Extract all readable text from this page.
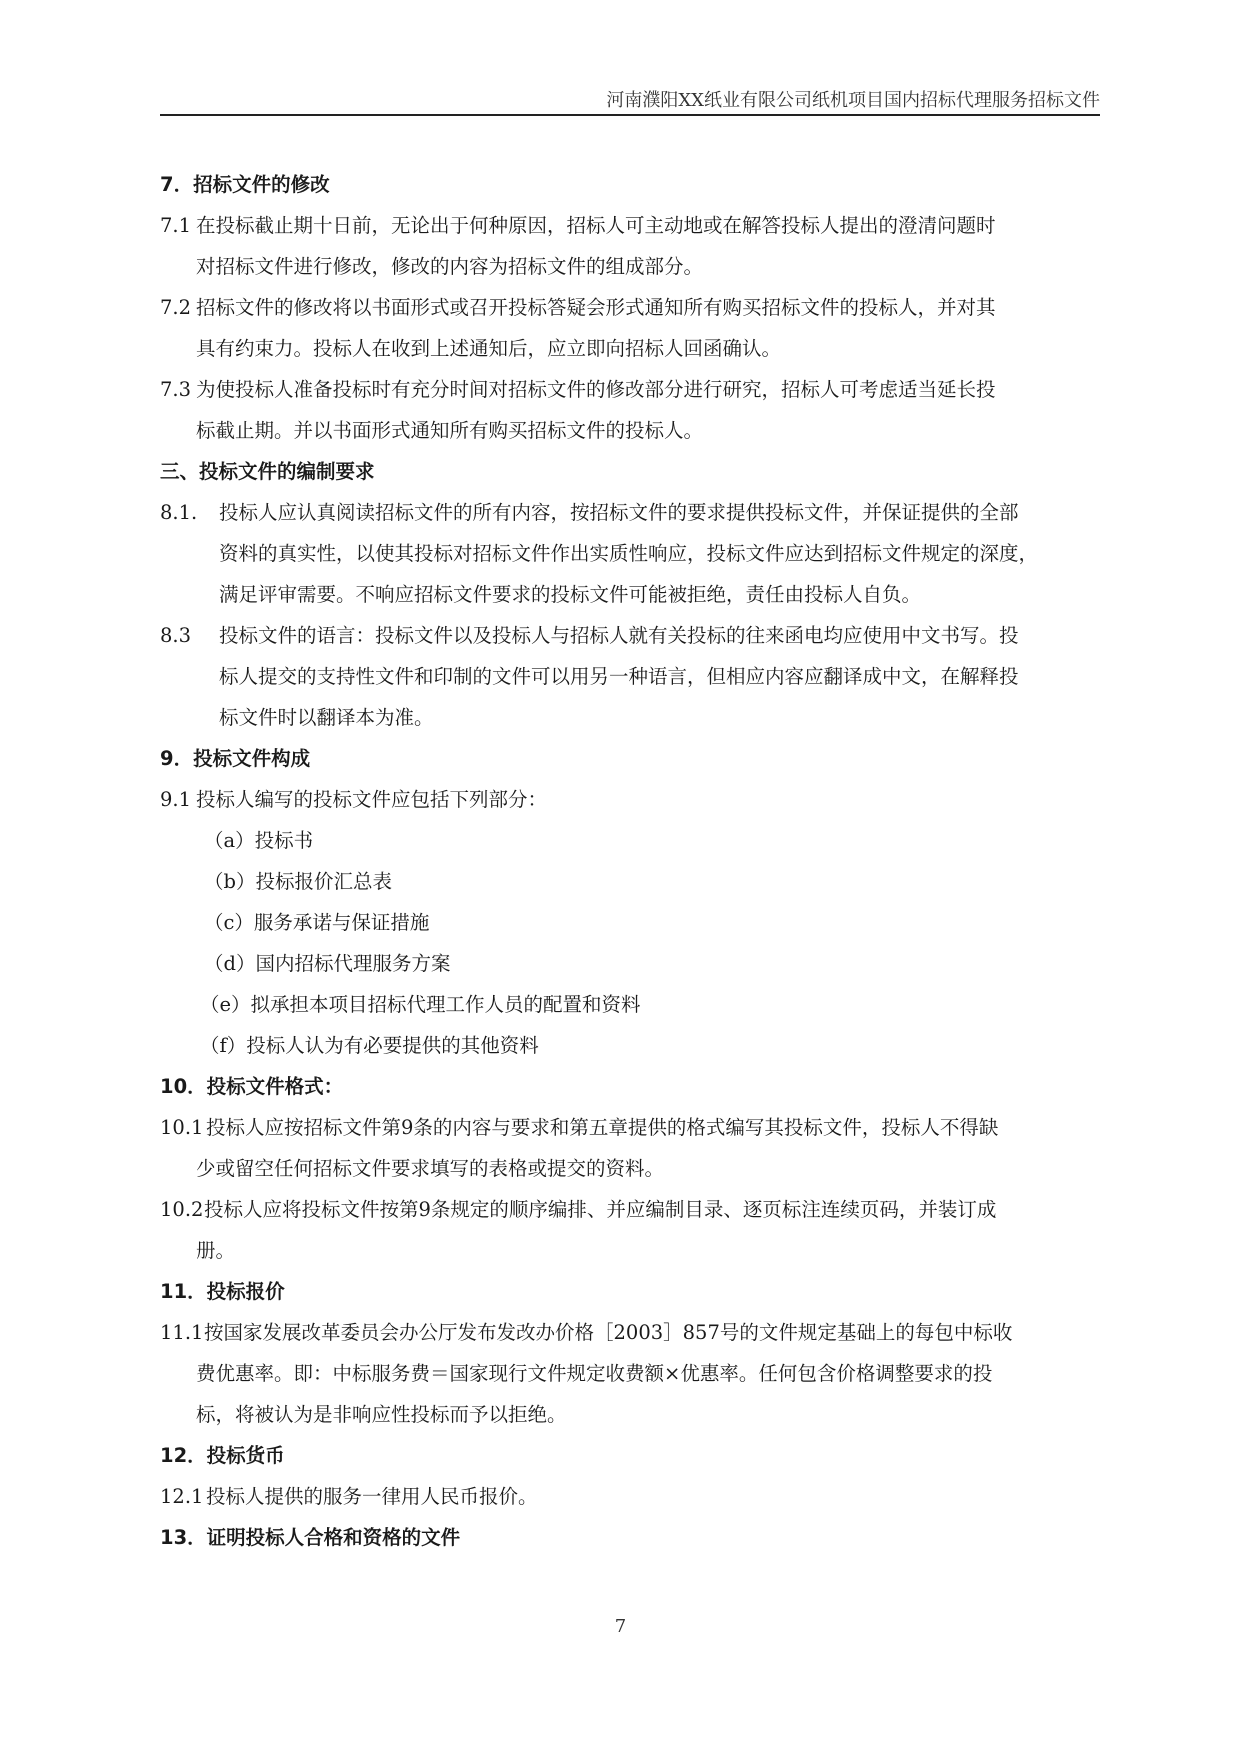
河南濮阳XX纸业有限公司纸机项目国内招标代理服务招标文件
7．招标文件的修改
7.1 在投标截止期十日前，无论出于何种原因，招标人可主动地或在解答投标人提出的澄清问题时
对招标文件进行修改，修改的内容为招标文件的组成部分。
7.2 招标文件的修改将以书面形式或召开投标答疑会形式通知所有购买招标文件的投标人，并对其
具有约束力。投标人在收到上述通知后，应立即向招标人回函确认。
7.3 为使投标人准备投标时有充分时间对招标文件的修改部分进行研究，招标人可考虑适当延长投
标截止期。并以书面形式通知所有购买招标文件的投标人。
三、投标文件的编制要求
8.1. 投标人应认真阅读招标文件的所有内容，按招标文件的要求提供投标文件，并保证提供的全部
资料的真实性，以使其投标对招标文件作出实质性响应，投标文件应达到招标文件规定的深度，
满足评审需要。不响应招标文件要求的投标文件可能被拒绝，责任由投标人自负。
8.3 投标文件的语言：投标文件以及投标人与招标人就有关投标的往来函电均应使用中文书写。投
标人提交的支持性文件和印制的文件可以用另一种语言，但相应内容应翻译成中文，在解释投
标文件时以翻译本为准。
9．投标文件构成
9.1 投标人编写的投标文件应包括下列部分：
（a）投标书
（b）投标报价汇总表
（c）服务承诺与保证措施
（d）国内招标代理服务方案
（e）拟承担本项目招标代理工作人员的配置和资料
（f）投标人认为有必要提供的其他资料
10．投标文件格式：
10.1 投标人应按招标文件第9条的内容与要求和第五章提供的格式编写其投标文件，投标人不得缺
少或留空任何招标文件要求填写的表格或提交的资料。
10.2投标人应将投标文件按第9条规定的顺序编排、并应编制目录、逐页标注连续页码，并装订成
册。
11．投标报价
11.1按国家发展改革委员会办公厅发布发改办价格［2003］857号的文件规定基础上的每包中标收
费优惠率。即：中标服务费＝国家现行文件规定收费额×优惠率。任何包含价格调整要求的投
标，将被认为是非响应性投标而予以拒绝。
12．投标货币
12.1 投标人提供的服务一律用人民币报价。
13．证明投标人合格和资格的文件
7
